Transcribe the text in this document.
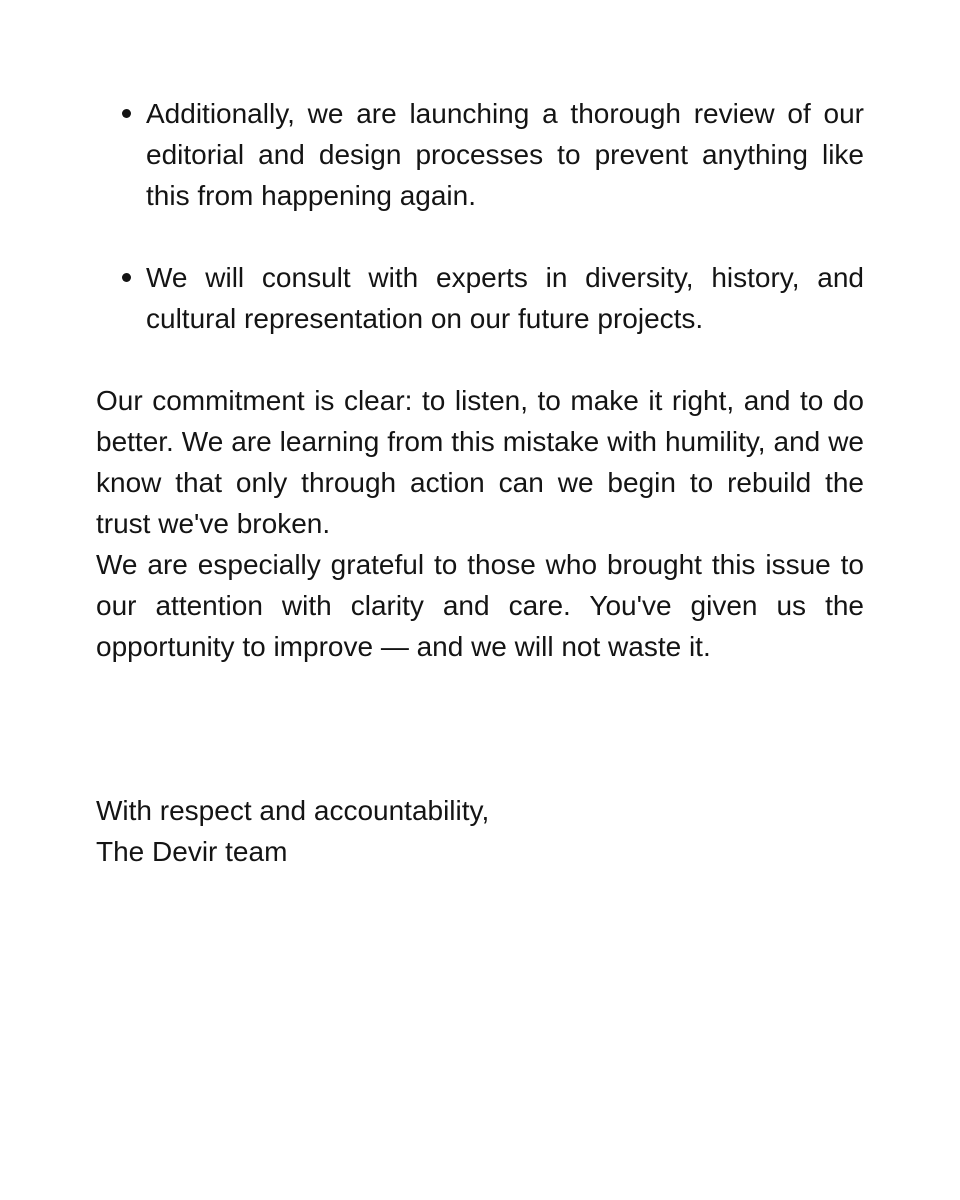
Additionally, we are launching a thorough review of our editorial and design processes to prevent anything like this from happening again.
We will consult with experts in diversity, history, and cultural representation on our future projects.

Our commitment is clear: to listen, to make it right, and to do better. We are learning from this mistake with humility, and we know that only through action can we begin to rebuild the trust we've broken.

We are especially grateful to those who brought this issue to our attention with clarity and care. You've given us the opportunity to improve — and we will not waste it.

With respect and accountability,
The Devir team
